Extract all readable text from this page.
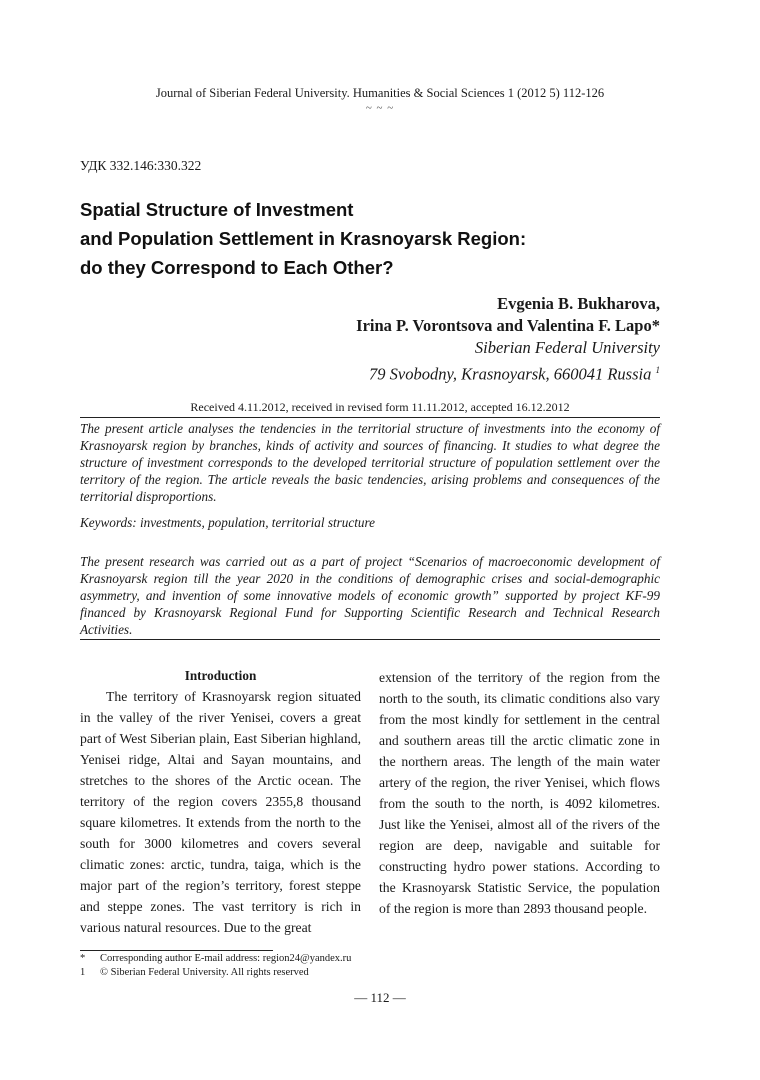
Journal of Siberian Federal University. Humanities & Social Sciences 1 (2012 5) 112-126
~ ~ ~
УДК 332.146:330.322
Spatial Structure of Investment
and Population Settlement in Krasnoyarsk Region:
do they Correspond to Each Other?
Evgenia B. Bukharova,
Irina P. Vorontsova and Valentina F. Lapo*
Siberian Federal University
79 Svobodny, Krasnoyarsk, 660041 Russia $^1$
Received 4.11.2012, received in revised form 11.11.2012, accepted 16.12.2012
The present article analyses the tendencies in the territorial structure of investments into the economy of Krasnoyarsk region by branches, kinds of activity and sources of financing. It studies to what degree the structure of investment corresponds to the developed territorial structure of population settlement over the territory of the region. The article reveals the basic tendencies, arising problems and consequences of the territorial disproportions.
Keywords: investments, population, territorial structure
The present research was carried out as a part of project “Scenarios of macroeconomic development of Krasnoyarsk region till the year 2020 in the conditions of demographic crises and social-demographic asymmetry, and invention of some innovative models of economic growth” supported by project KF-99 financed by Krasnoyarsk Regional Fund for Supporting Scientific Research and Technical Research Activities.

Introduction

The territory of Krasnoyarsk region situated in the valley of the river Yenisei, covers a great part of West Siberian plain, East Siberian highland, Yenisei ridge, Altai and Sayan mountains, and stretches to the shores of the Arctic ocean. The territory of the region covers 2355,8 thousand square kilometres. It extends from the north to the south for 3000 kilometres and covers several climatic zones: arctic, tundra, taiga, which is the major part of the region’s territory, forest steppe and steppe zones. The vast territory is rich in various natural resources. Due to the great

extension of the territory of the region from the north to the south, its climatic conditions also vary from the most kindly for settlement in the central and southern areas till the arctic climatic zone in the northern areas. The length of the main water artery of the region, the river Yenisei, which flows from the south to the north, is 4092 kilometres. Just like the Yenisei, almost all of the rivers of the region are deep, navigable and suitable for constructing hydro power stations. According to the Krasnoyarsk Statistic Service, the population of the region is more than 2893 thousand people.

* Corresponding author E-mail address: region24@yandex.ru
1 © Siberian Federal University. All rights reserved
— 112 —
